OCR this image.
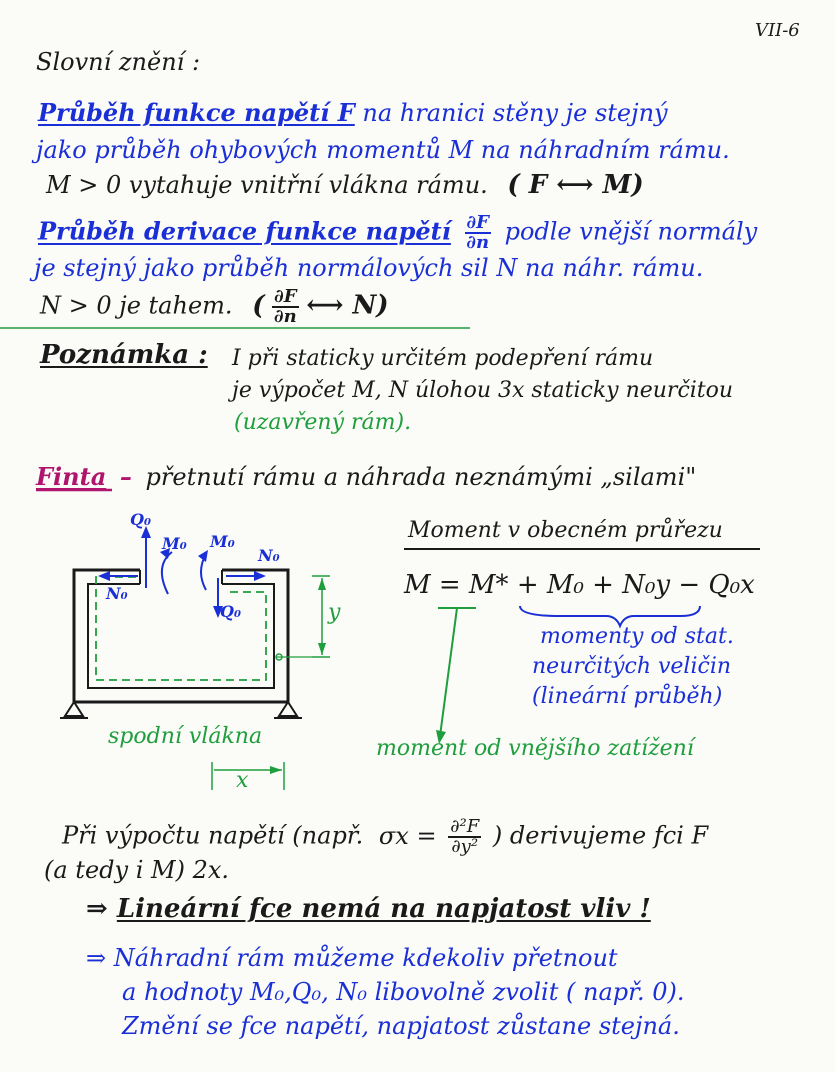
VII-6
Slovní znění :
Průběh funkce napětí F na hranici stěny je stejný
jako průběh ohybových momentů M na náhradním rámu.
M > 0 vytahuje vnitřní vlákna rámu. ( F ⟷ M)
Průběh derivace funkce napětí $\frac{\partial F}{\partial n}$ podle vnější normály
je stejný jako průběh normálových sil N na náhr. rámu.
N > 0 je tahem. ( $\frac{\partial F}{\partial n}$ ⟷ N)
Poznámka : I při staticky určitém podepření rámu
je výpočet M, N úlohou 3x staticky neurčitou
(uzavřený rám).
Finta – přetnutí rámu a náhrada neznámými „silami"
Q₀
M₀ M₀
N₀
N₀
Q₀	y
x
spodní vlákna
Moment v obecném průřezu
M = M* + M₀ + N₀y − Q₀x
momenty od stat.
neurčitých veličin
(lineární průběh)
moment od vnějšího zatížení
Při výpočtu napětí (např. $\sigma x = \frac{\text{∂²F}}{\text{∂y²}}$ ) derivujeme fci F
(a tedy i M) 2x.
⇒ Lineární fce nemá na napjatost vliv !
⇒ Náhradní rám můžeme kdekoliv přetnout
a hodnoty M₀,Q₀, N₀ libovolně zvolit ( např. 0).
Změní se fce napětí, napjatost zůstane stejná.
